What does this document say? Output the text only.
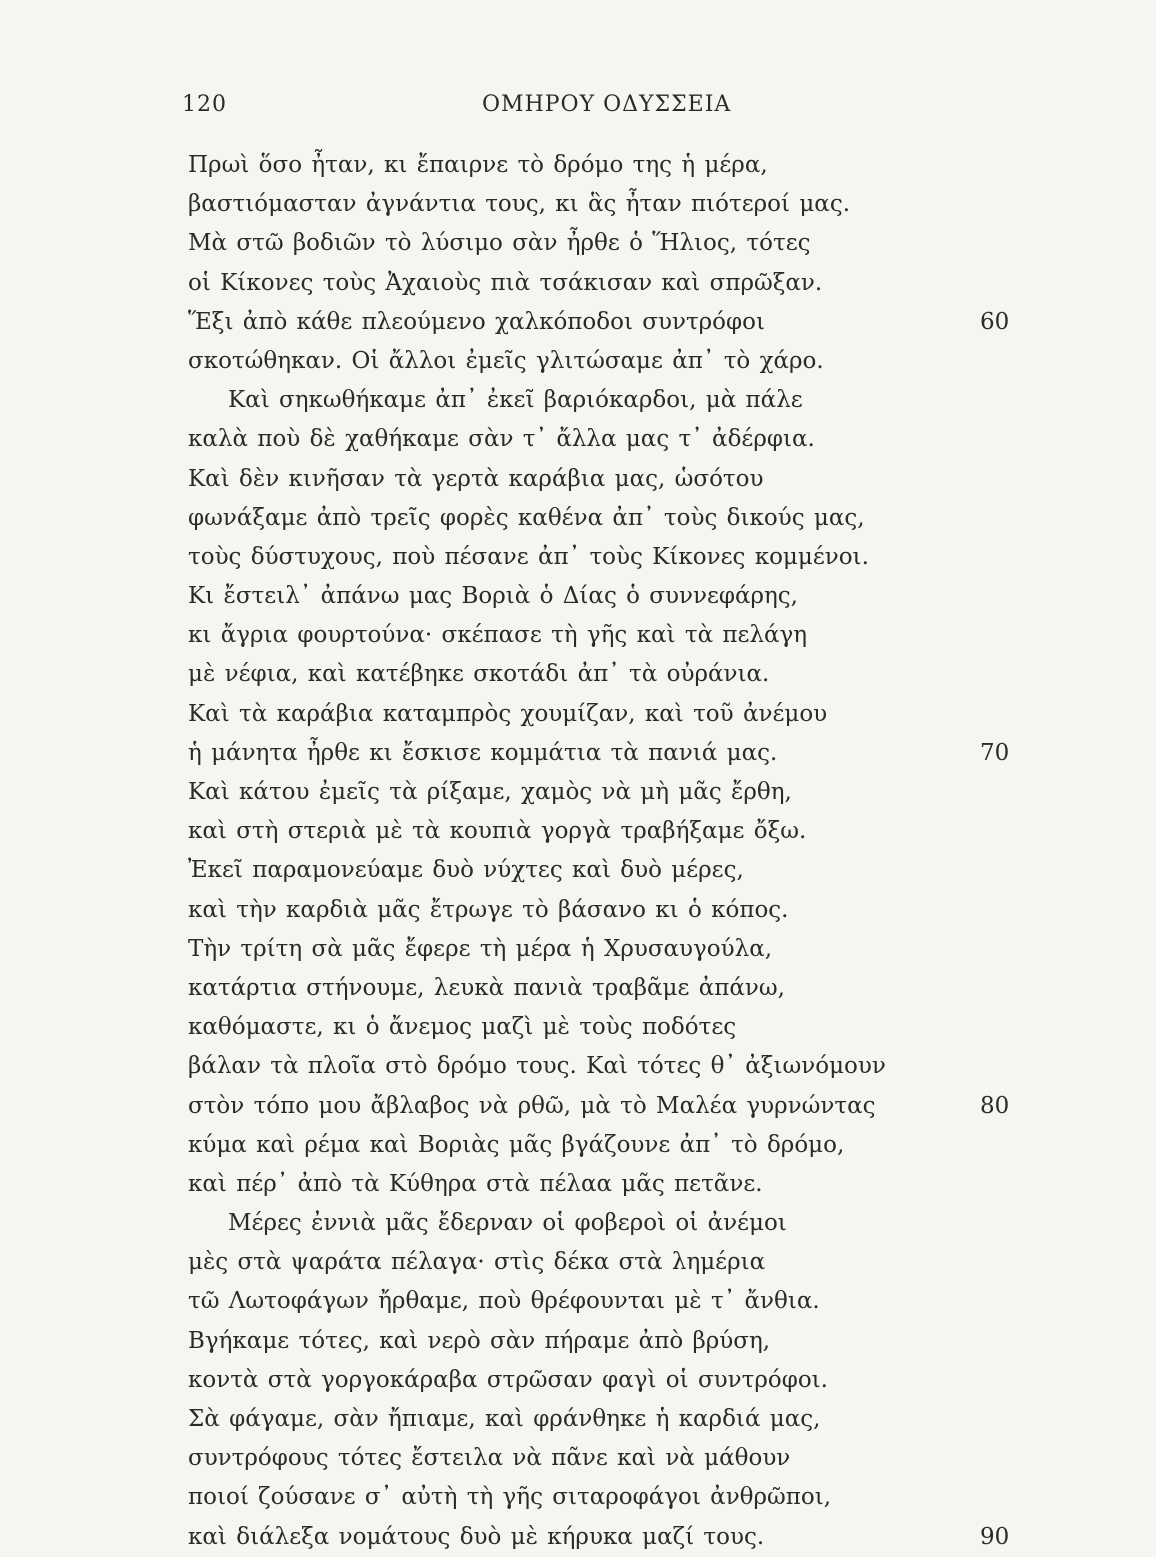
120	ΟΜΗΡΟΥ ΟΔΥΣΣΕΙΑ
Πρωὶ ὅσο ἦταν, κι ἔπαιρνε τὸ δρόμο της ἡ μέρα,
βαστιόμασταν ἀγνάντια τους, κι ἃς ἦταν πιότεροί μας.
Μὰ στῶ βοδιῶν τὸ λύσιμο σὰν ἦρθε ὁ Ἥλιος, τότες
οἱ Κίκονες τοὺς Ἀχαιοὺς πιὰ τσάκισαν καὶ σπρῶξαν.
Ἕξι ἀπὸ κάθε πλεούμενο χαλκόποδοι συντρόφοι
σκοτώθηκαν. Οἱ ἄλλοι ἐμεῖς γλιτώσαμε ἀπ᾽ τὸ χάρο.
Καὶ σηκωθήκαμε ἀπ᾽ ἐκεῖ βαριόκαρδοι, μὰ πάλε
καλὰ ποὺ δὲ χαθήκαμε σὰν τ᾽ ἄλλα μας τ᾽ ἀδέρφια.
Καὶ δὲν κινῆσαν τὰ γερτὰ καράβια μας, ὡσότου
φωνάξαμε ἀπὸ τρεῖς φορὲς καθένα ἀπ᾽ τοὺς δικούς μας,
τοὺς δύστυχους, ποὺ πέσανε ἀπ᾽ τοὺς Κίκονες κομμένοι.
Κι ἔστειλ᾽ ἀπάνω μας Βοριὰ ὁ Δίας ὁ συννεφάρης,
κι ἄγρια φουρτούνα· σκέπασε τὴ γῆς καὶ τὰ πελάγη
μὲ νέφια, καὶ κατέβηκε σκοτάδι ἀπ᾽ τὰ οὐράνια.
Καὶ τὰ καράβια καταμπρὸς χουμίζαν, καὶ τοῦ ἀνέμου
ἡ μάνητα ἦρθε κι ἔσκισε κομμάτια τὰ πανιά μας.
Καὶ κάτου ἐμεῖς τὰ ρίξαμε, χαμὸς νὰ μὴ μᾶς ἔρθη,
καὶ στὴ στεριὰ μὲ τὰ κουπιὰ γοργὰ τραβήξαμε ὄξω.
Ἐκεῖ παραμονεύαμε δυὸ νύχτες καὶ δυὸ μέρες,
καὶ τὴν καρδιὰ μᾶς ἔτρωγε τὸ βάσανο κι ὁ κόπος.
Τὴν τρίτη σὰ μᾶς ἔφερε τὴ μέρα ἡ Χρυσαυγούλα,
κατάρτια στήνουμε, λευκὰ πανιὰ τραβᾶμε ἀπάνω,
καθόμαστε, κι ὁ ἄνεμος μαζὶ μὲ τοὺς ποδότες
βάλαν τὰ πλοῖα στὸ δρόμο τους. Καὶ τότες θ᾽ ἀξιωνόμουν
στὸν τόπο μου ἄβλαβος νὰ ρθῶ, μὰ τὸ Μαλέα γυρνώντας
κύμα καὶ ρέμα καὶ Βοριὰς μᾶς βγάζουνε ἀπ᾽ τὸ δρόμο,
καὶ πέρ᾽ ἀπὸ τὰ Κύθηρα στὰ πέλαα μᾶς πετᾶνε.
Μέρες ἐννιὰ μᾶς ἔδερναν οἱ φοβεροὶ οἱ ἀνέμοι
μὲς στὰ ψαράτα πέλαγα· στὶς δέκα στὰ λημέρια
τῶ Λωτοφάγων ἤρθαμε, ποὺ θρέφουνται μὲ τ᾽ ἄνθια.
Βγήκαμε τότες, καὶ νερὸ σὰν πήραμε ἀπὸ βρύση,
κοντὰ στὰ γοργοκάραβα στρῶσαν φαγὶ οἱ συντρόφοι.
Σὰ φάγαμε, σὰν ἤπιαμε, καὶ φράνθηκε ἡ καρδιά μας,
συντρόφους τότες ἔστειλα νὰ πᾶνε καὶ νὰ μάθουν
ποιοί ζούσανε σ᾽ αὐτὴ τὴ γῆς σιταροφάγοι ἀνθρῶποι,
καὶ διάλεξα νομάτους δυὸ μὲ κήρυκα μαζί τους.
60
70
80
90
